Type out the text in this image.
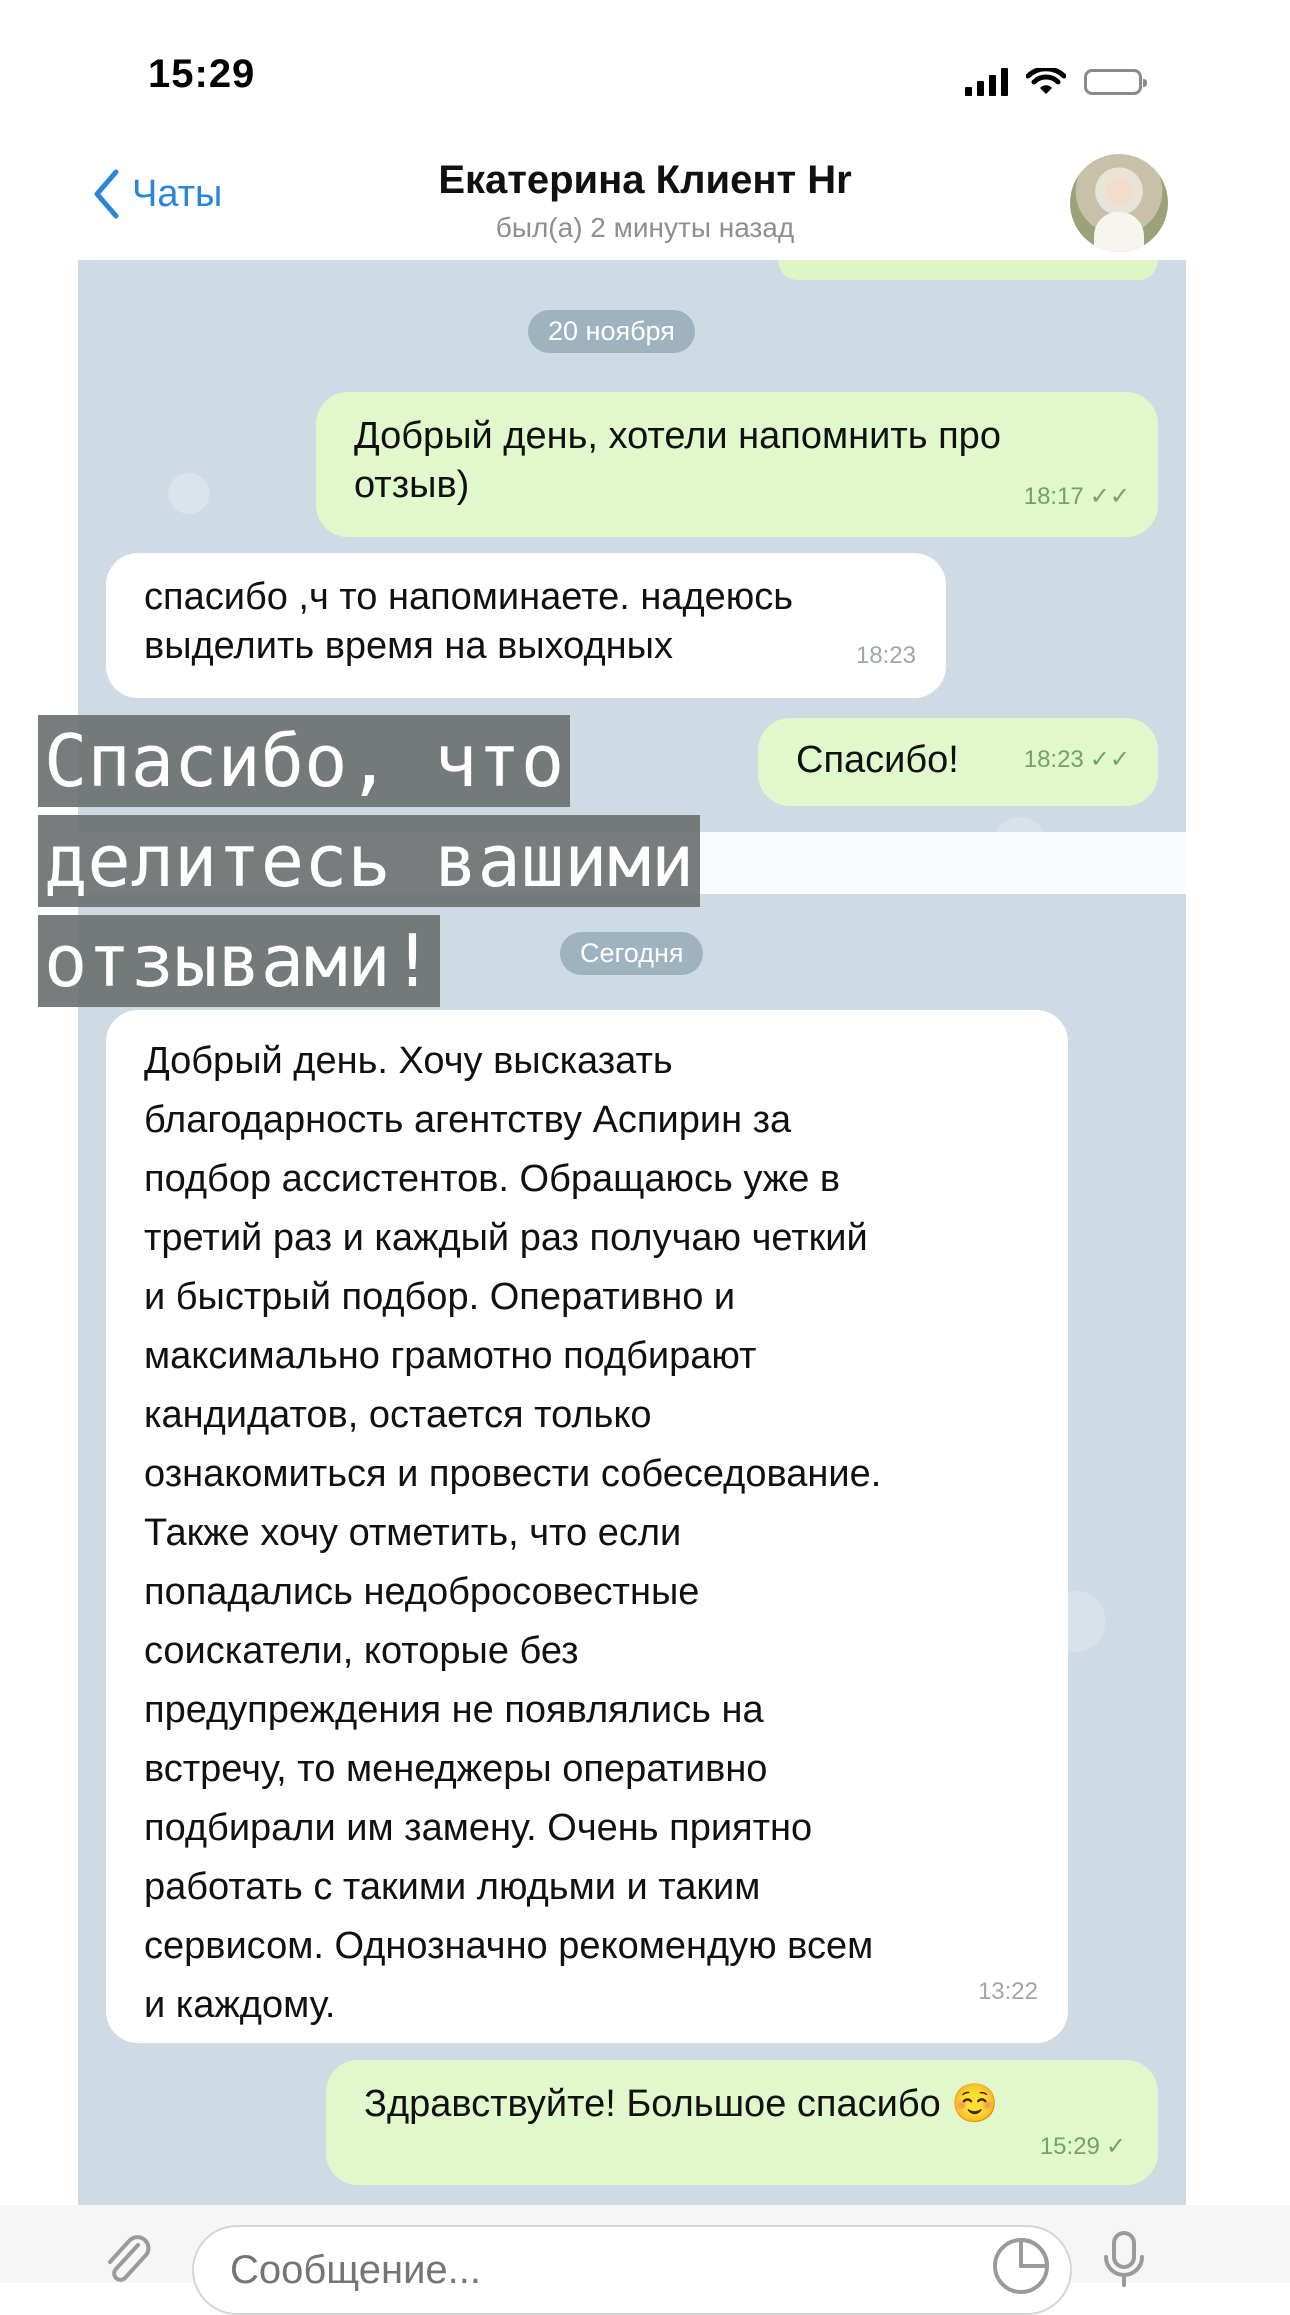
15:29
Чаты	Екатерина Клиент Hr
был(а) 2 минуты назад
20 ноября
Добрый день, хотели напомнить про
отзыв)	18:17 ✓✓
спасибо ,ч то напоминаете. надеюсь
выделить время на выходных	18:23
Спасибо!	18:23 ✓✓
Сегодня
Добрый день. Хочу высказать
благодарность агентству Аспирин за
подбор ассистентов. Обращаюсь уже в
третий раз и каждый раз получаю четкий
и быстрый подбор. Оперативно и
максимально грамотно подбирают
кандидатов, остается только
ознакомиться и провести собеседование.
Также хочу отметить, что если
попадались недобросовестные
соискатели, которые без
предупреждения не появлялись на
встречу, то менеджеры оперативно
подбирали им замену. Очень приятно
работать с такими людьми и таким
сервисом. Однозначно рекомендую всем
и каждому.	13:22
Здравствуйте! Большое спасибо ☺️
15:29 ✓
Спасибо, что
делитесь вашими
отзывами!
Сообщение...
